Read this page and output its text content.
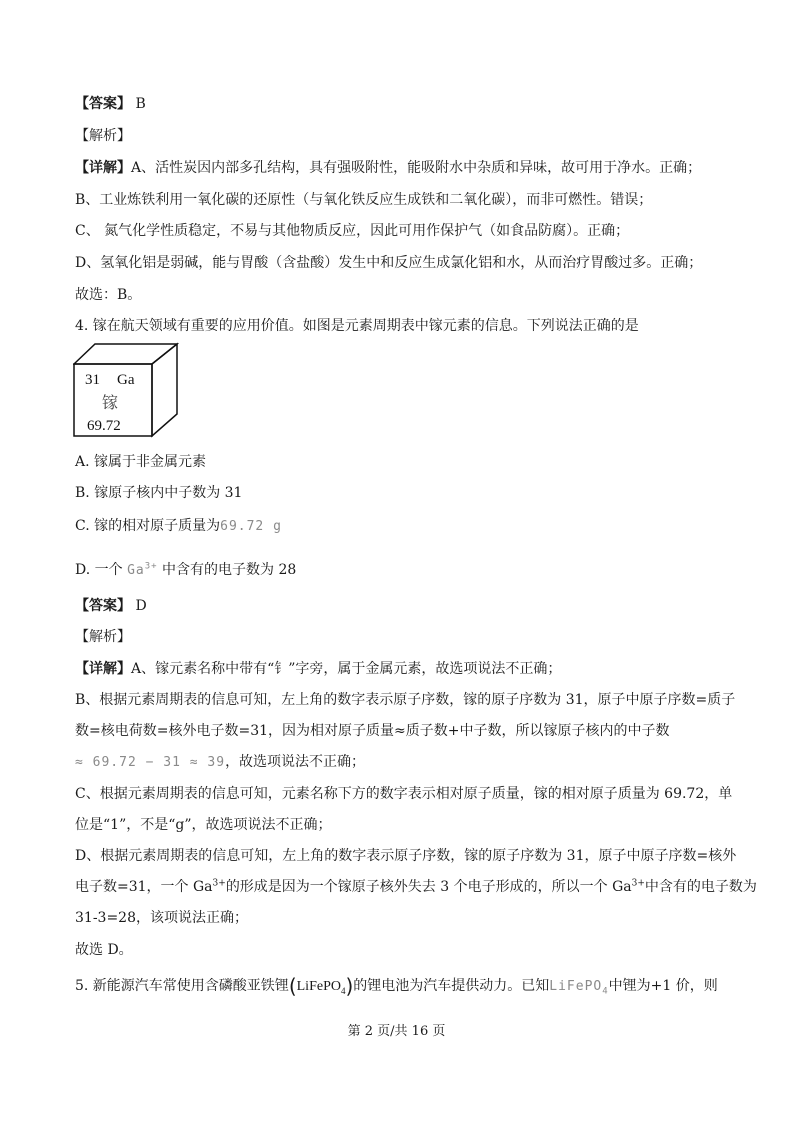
【答案】 B
【解析】
【详解】A、活性炭因内部多孔结构，具有强吸附性，能吸附水中杂质和异味，故可用于净水。正确；
B、工业炼铁利用一氧化碳的还原性（与氧化铁反应生成铁和二氧化碳），而非可燃性。错误；
C、 氮气化学性质稳定，不易与其他物质反应，因此可用作保护气（如食品防腐）。正确；
D、氢氧化铝是弱碱，能与胃酸（含盐酸）发生中和反应生成氯化铝和水，从而治疗胃酸过多。正确；
故选：B。
4. 镓在航天领域有重要的应用价值。如图是元素周期表中镓元素的信息。下列说法正确的是
31 Ga
镓
69.72
A. 镓属于非金属元素
B. 镓原子核内中子数为 31
C. 镓的相对原子质量为69.72 g
D. 一个 $Ga^{3+}$ 中含有的电子数为 28
【答案】 D
【解析】
【详解】A、镓元素名称中带有“钅”字旁，属于金属元素，故选项说法不正确；
B、根据元素周期表的信息可知，左上角的数字表示原子序数，镓的原子序数为 31，原子中原子序数=质子
数=核电荷数=核外电子数=31，因为相对原子质量≈质子数+中子数，所以镓原子核内的中子数
≈ 69.72 − 31 ≈ 39，故选项说法不正确；
C、根据元素周期表的信息可知，元素名称下方的数字表示相对原子质量，镓的相对原子质量为 69.72，单
位是“1”，不是“g”，故选项说法不正确；
D、根据元素周期表的信息可知，左上角的数字表示原子序数，镓的原子序数为 31，原子中原子序数=核外
电子数=31，一个 $Ga^{3+}$的形成是因为一个镓原子核外失去 3 个电子形成的，所以一个 $Ga^{3+}$中含有的电子数为
31-3=28，该项说法正确；
故选 D。
5. 新能源汽车常使用含磷酸亚铁锂(LiFePO$_4$)的锂电池为汽车提供动力。已知LiFePO$_4$中锂为+1 价，则
第 2 页/共 16 页
